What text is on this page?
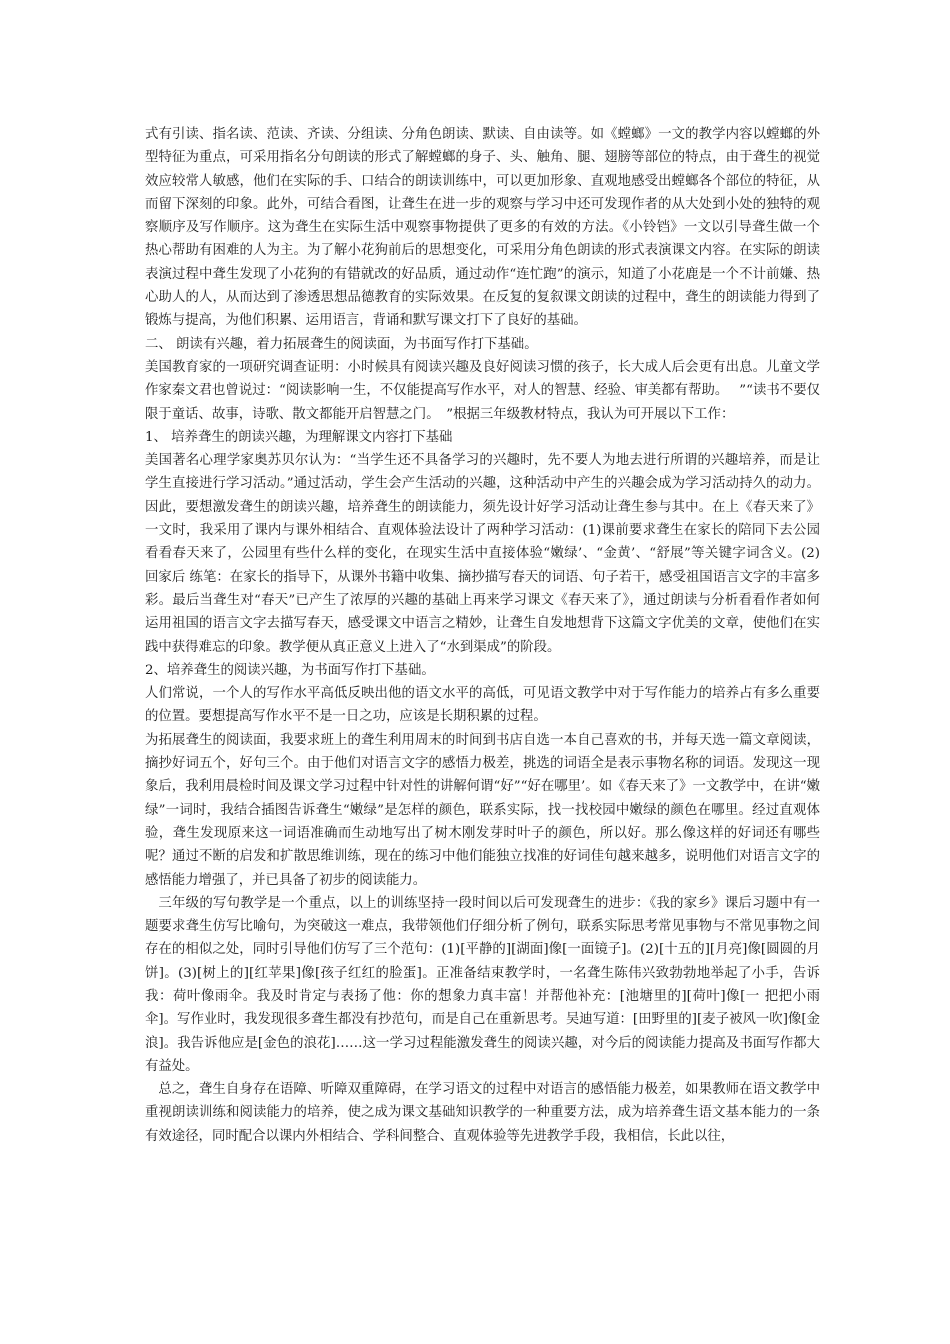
式有引读、指名读、范读、齐读、分组读、分角色朗读、默读、自由读等。如《螳螂》一文的教学内容以螳螂的外型特征为重点，可采用指名分句朗读的形式了解螳螂的身子、头、触角、腿、翅膀等部位的特点，由于聋生的视觉效应较常人敏感，他们在实际的手、口结合的朗读训练中，可以更加形象、直观地感受出螳螂各个部位的特征，从而留下深刻的印象。此外，可结合看图，让聋生在进一步的观察与学习中还可发现作者的从大处到小处的独特的观察顺序及写作顺序。这为聋生在实际生活中观察事物提供了更多的有效的方法。《小铃铛》一文以引导聋生做一个热心帮助有困难的人为主。为了解小花狗前后的思想变化，可采用分角色朗读的形式表演课文内容。在实际的朗读表演过程中聋生发现了小花狗的有错就改的好品质，通过动作“连忙跑”的演示，知道了小花鹿是一个不计前嫌、热心助人的人，从而达到了渗透思想品德教育的实际效果。在反复的复叙课文朗读的过程中，聋生的朗读能力得到了锻炼与提高，为他们积累、运用语言，背诵和默写课文打下了良好的基础。

二、 朗读有兴趣，着力拓展聋生的阅读面，为书面写作打下基础。

美国教育家的一项研究调查证明：小时候具有阅读兴趣及良好阅读习惯的孩子，长大成人后会更有出息。儿童文学作家秦文君也曾说过：“阅读影响一生，不仅能提高写作水平，对人的智慧、经验、审美都有帮助。　 ”“读书不要仅限于童话、故事，诗歌、散文都能开启智慧之门。　”根据三年级教材特点，我认为可开展以下工作：

1、 培养聋生的朗读兴趣，为理解课文内容打下基础

美国著名心理学家奥苏贝尔认为：“当学生还不具备学习的兴趣时，先不要人为地去进行所谓的兴趣培养，而是让学生直接进行学习活动。”通过活动，学生会产生活动的兴趣，这种活动中产生的兴趣会成为学习活动持久的动力。因此，要想激发聋生的朗读兴趣，培养聋生的朗读能力，须先设计好学习活动让聋生参与其中。在上《春天来了》一文时，我采用了课内与课外相结合、直观体验法设计了两种学习活动：(1)课前要求聋生在家长的陪同下去公园看看春天来了，公园里有些什么样的变化，在现实生活中直接体验“嫩绿’、“金黄’、“舒展”等关键字词含义。(2) 回家后 练笔：在家长的指导下，从课外书籍中收集、摘抄描写春天的词语、句子若干，感受祖国语言文字的丰富多彩。最后当聋生对“春天”已产生了浓厚的兴趣的基础上再来学习课文《春天来了》，通过朗读与分析看看作者如何运用祖国的语言文字去描写春天，感受课文中语言之精妙，让聋生自发地想背下这篇文字优美的文章，使他们在实践中获得难忘的印象。教学便从真正意义上进入了“水到渠成”的阶段。

2、培养聋生的阅读兴趣，为书面写作打下基础。

人们常说，一个人的写作水平高低反映出他的语文水平的高低，可见语文教学中对于写作能力的培养占有多么重要的位置。要想提高写作水平不是一日之功，应该是长期积累的过程。

为拓展聋生的阅读面，我要求班上的聋生利用周末的时间到书店自选一本自己喜欢的书，并每天选一篇文章阅读，摘抄好词五个，好句三个。由于他们对语言文字的感悟力极差，挑选的词语全是表示事物名称的词语。发现这一现象后，我利用晨检时间及课文学习过程中针对性的讲解何谓“好”“好在哪里’。如《春天来了》一文教学中，在讲“嫩绿”一词时，我结合插图告诉聋生“嫩绿”是怎样的颜色，联系实际，找一找校园中嫩绿的颜色在哪里。经过直观体验，聋生发现原来这一词语准确而生动地写出了树木刚发芽时叶子的颜色，所以好。那么像这样的好词还有哪些呢？通过不断的启发和扩散思维训练，现在的练习中他们能独立找准的好词佳句越来越多，说明他们对语言文字的感悟能力增强了，并已具备了初步的阅读能力。

三年级的写句教学是一个重点，以上的训练坚持一段时间以后可发现聋生的进步：《我的家乡》课后习题中有一题要求聋生仿写比喻句，为突破这一难点，我带领他们仔细分析了例句，联系实际思考常见事物与不常见事物之间存在的相似之处，同时引导他们仿写了三个范句：(1)[平静的][湖面]像[一面镜子]。(2)[十五的][月亮]像[圆圆的月饼]。(3)[树上的][红苹果]像[孩子红红的脸蛋]。正准备结束教学时，一名聋生陈伟兴致勃勃地举起了小手，告诉我：荷叶像雨伞。我及时肯定与表扬了他：你的想象力真丰富！并帮他补充：[池塘里的][荷叶]像[一 把把小雨伞]。写作业时，我发现很多聋生都没有抄范句，而是自己在重新思考。吴迪写道：[田野里的][麦子被风一吹]像[金浪]。我告诉他应是[金色的浪花]……这一学习过程能激发聋生的阅读兴趣，对今后的阅读能力提高及书面写作都大有益处。

总之，聋生自身存在语障、听障双重障碍，在学习语文的过程中对语言的感悟能力极差，如果教师在语文教学中重视朗读训练和阅读能力的培养，使之成为课文基础知识教学的一种重要方法，成为培养聋生语文基本能力的一条有效途径，同时配合以课内外相结合、学科间整合、直观体验等先进教学手段，我相信，长此以往，
